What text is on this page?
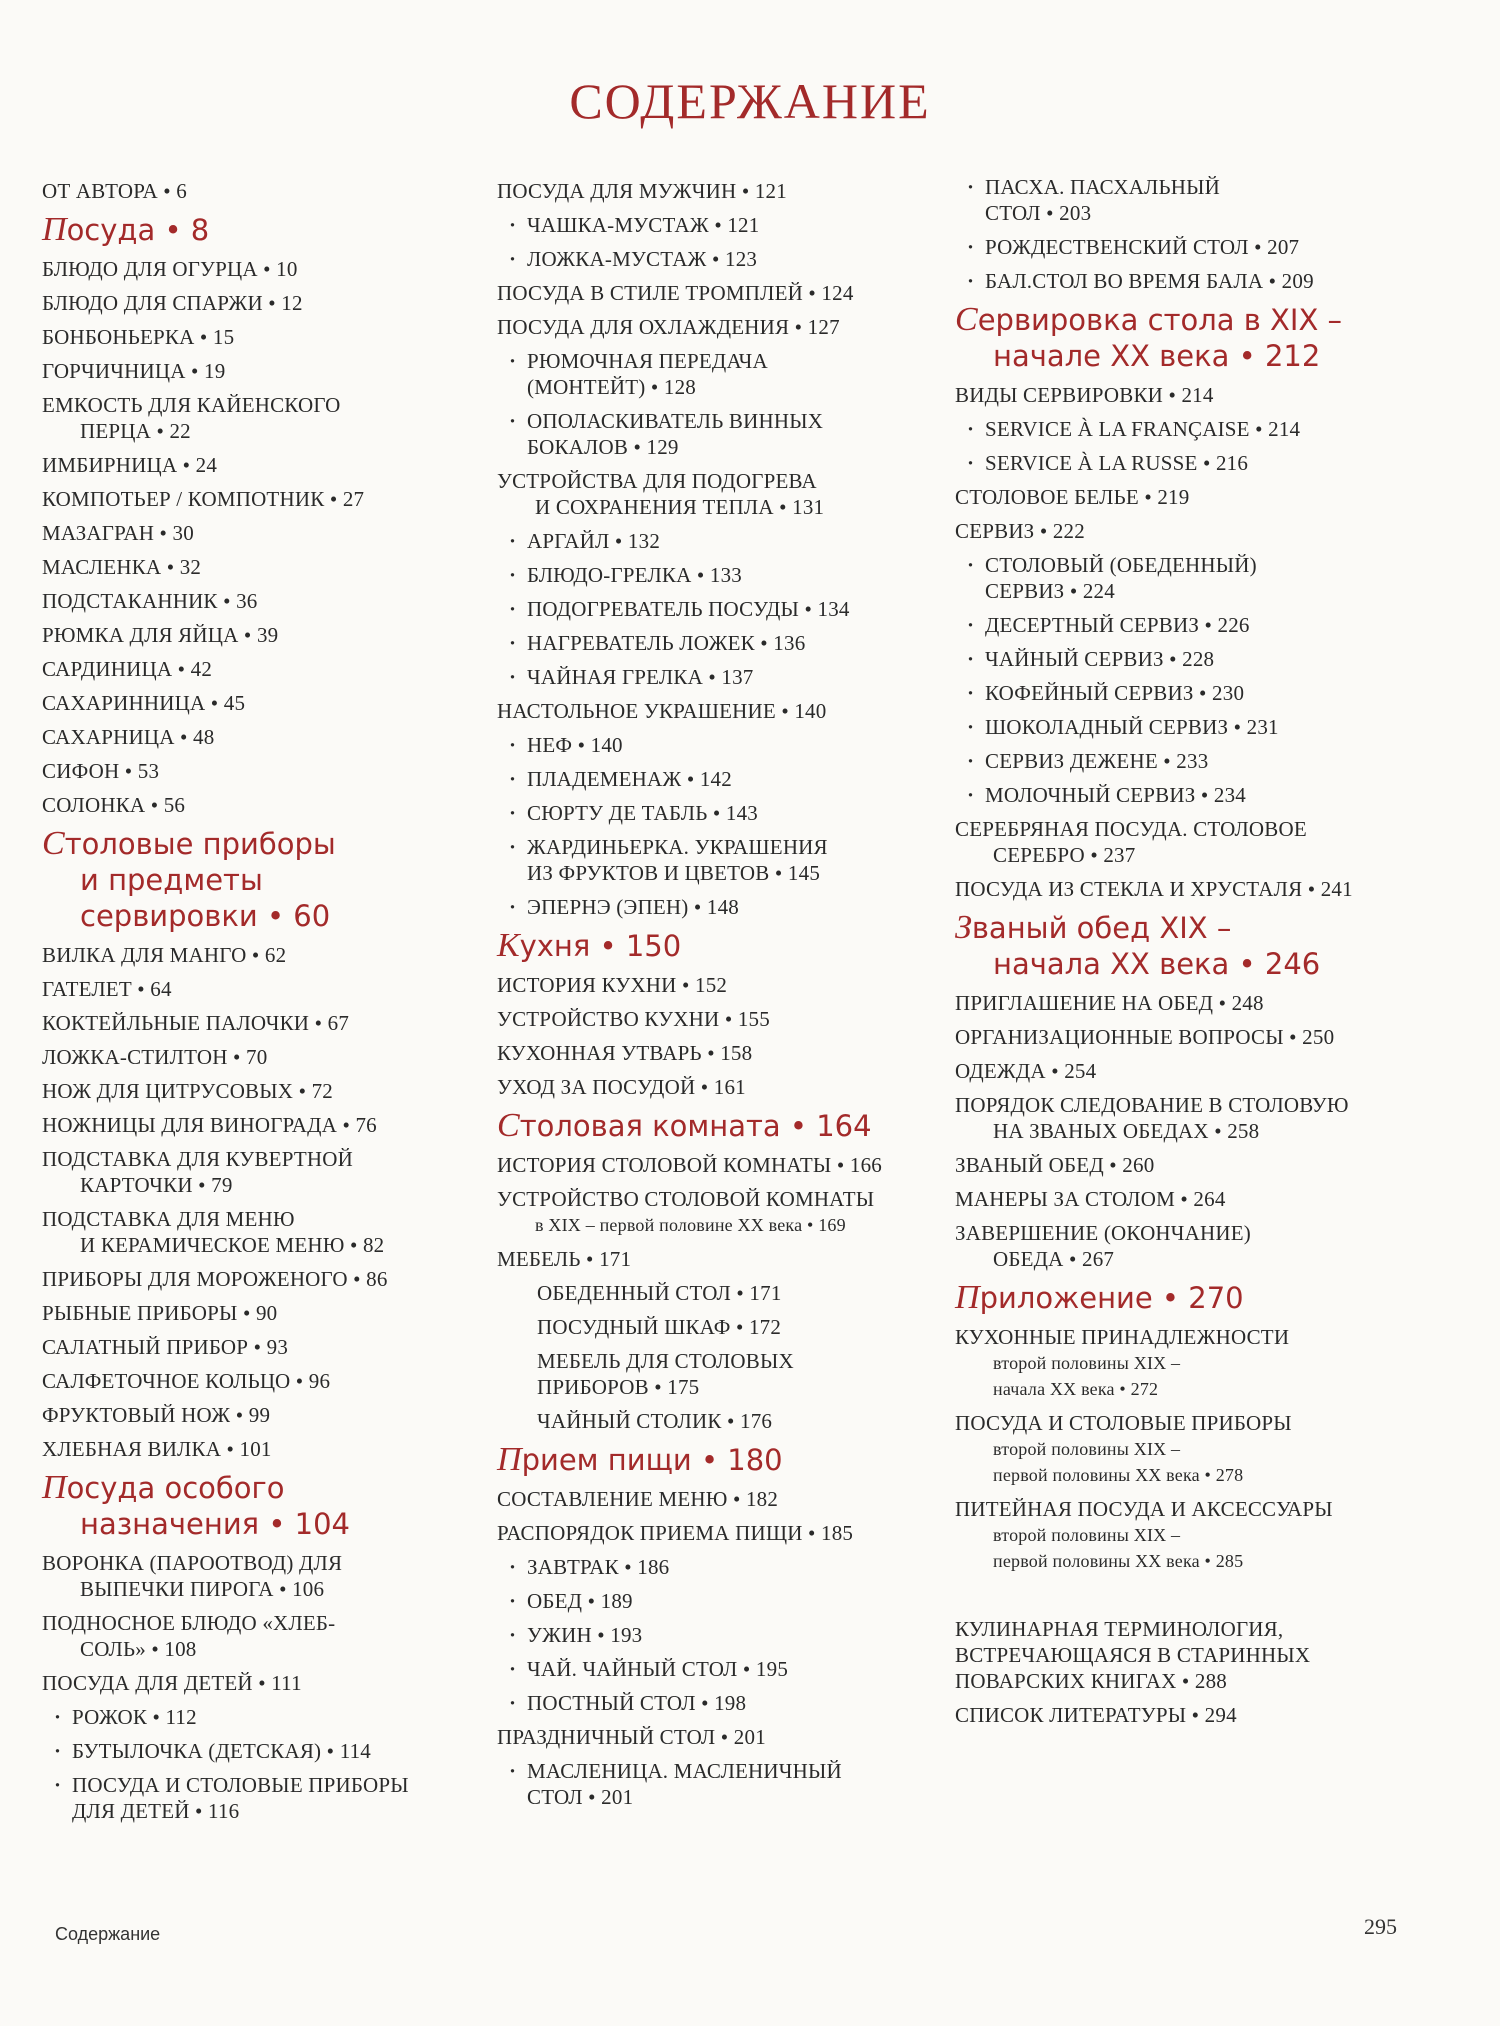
СОДЕРЖАНИЕ
ОТ АВТОРА • 6
Посуда • 8
БЛЮДО ДЛЯ ОГУРЦА • 10
БЛЮДО ДЛЯ СПАРЖИ • 12
БОНБОНЬЕРКА • 15
ГОРЧИЧНИЦА • 19
ЕМКОСТЬ ДЛЯ КАЙЕНСКОГО
ПЕРЦА • 22
ИМБИРНИЦА • 24
КОМПОТЬЕР / КОМПОТНИК • 27
МАЗАГРАН • 30
МАСЛЕНКА • 32
ПОДСТАКАННИК • 36
РЮМКА ДЛЯ ЯЙЦА • 39
САРДИНИЦА • 42
САХАРИННИЦА • 45
САХАРНИЦА • 48
СИФОН • 53
СОЛОНКА • 56
Столовые приборы
и предметы
сервировки • 60
ВИЛКА ДЛЯ МАНГО • 62
ГАТЕЛЕТ • 64
КОКТЕЙЛЬНЫЕ ПАЛОЧКИ • 67
ЛОЖКА-СТИЛТОН • 70
НОЖ ДЛЯ ЦИТРУСОВЫХ • 72
НОЖНИЦЫ ДЛЯ ВИНОГРАДА • 76
ПОДСТАВКА ДЛЯ КУВЕРТНОЙ
КАРТОЧКИ • 79
ПОДСТАВКА ДЛЯ МЕНЮ
И КЕРАМИЧЕСКОЕ МЕНЮ • 82
ПРИБОРЫ ДЛЯ МОРОЖЕНОГО • 86
РЫБНЫЕ ПРИБОРЫ • 90
САЛАТНЫЙ ПРИБОР • 93
САЛФЕТОЧНОЕ КОЛЬЦО • 96
ФРУКТОВЫЙ НОЖ • 99
ХЛЕБНАЯ ВИЛКА • 101
Посуда особого
назначения • 104
ВОРОНКА (ПАРООТВОД) ДЛЯ
ВЫПЕЧКИ ПИРОГА • 106
ПОДНОСНОЕ БЛЮДО «ХЛЕБ-
СОЛЬ» • 108
ПОСУДА ДЛЯ ДЕТЕЙ • 111
· РОЖОК • 112
· БУТЫЛОЧКА (ДЕТСКАЯ) • 114
· ПОСУДА И СТОЛОВЫЕ ПРИБОРЫ
ДЛЯ ДЕТЕЙ • 116
ПОСУДА ДЛЯ МУЖЧИН • 121
· ЧАШКА-МУСТАЖ • 121
· ЛОЖКА-МУСТАЖ • 123
ПОСУДА В СТИЛЕ ТРОМПЛЕЙ • 124
ПОСУДА ДЛЯ ОХЛАЖДЕНИЯ • 127
· РЮМОЧНАЯ ПЕРЕДАЧА
(МОНТЕЙТ) • 128
· ОПОЛАСКИВАТЕЛЬ ВИННЫХ
БОКАЛОВ • 129
УСТРОЙСТВА ДЛЯ ПОДОГРЕВА
И СОХРАНЕНИЯ ТЕПЛА • 131
· АРГАЙЛ • 132
· БЛЮДО-ГРЕЛКА • 133
· ПОДОГРЕВАТЕЛЬ ПОСУДЫ • 134
· НАГРЕВАТЕЛЬ ЛОЖЕК • 136
· ЧАЙНАЯ ГРЕЛКА • 137
НАСТОЛЬНОЕ УКРАШЕНИЕ • 140
· НЕФ • 140
· ПЛАДЕМЕНАЖ • 142
· СЮРТУ ДЕ ТАБЛЬ • 143
· ЖАРДИНЬЕРКА. УКРАШЕНИЯ
ИЗ ФРУКТОВ И ЦВЕТОВ • 145
· ЭПЕРНЭ (ЭПЕН) • 148
Кухня • 150
ИСТОРИЯ КУХНИ • 152
УСТРОЙСТВО КУХНИ • 155
КУХОННАЯ УТВАРЬ • 158
УХОД ЗА ПОСУДОЙ • 161
Столовая комната • 164
ИСТОРИЯ СТОЛОВОЙ КОМНАТЫ • 166
УСТРОЙСТВО СТОЛОВОЙ КОМНАТЫ
в XIX – первой половине XX века • 169
МЕБЕЛЬ • 171
ОБЕДЕННЫЙ СТОЛ • 171
ПОСУДНЫЙ ШКАФ • 172
МЕБЕЛЬ ДЛЯ СТОЛОВЫХ
ПРИБОРОВ • 175
ЧАЙНЫЙ СТОЛИК • 176
Прием пищи • 180
СОСТАВЛЕНИЕ МЕНЮ • 182
РАСПОРЯДОК ПРИЕМА ПИЩИ • 185
· ЗАВТРАК • 186
· ОБЕД • 189
· УЖИН • 193
· ЧАЙ. ЧАЙНЫЙ СТОЛ • 195
· ПОСТНЫЙ СТОЛ • 198
ПРАЗДНИЧНЫЙ СТОЛ • 201
· МАСЛЕНИЦА. МАСЛЕНИЧНЫЙ
СТОЛ • 201
· ПАСХА. ПАСХАЛЬНЫЙ
СТОЛ • 203
· РОЖДЕСТВЕНСКИЙ СТОЛ • 207
· БАЛ.СТОЛ ВО ВРЕМЯ БАЛА • 209
Сервировка стола в XIX –
начале XX века • 212
ВИДЫ СЕРВИРОВКИ • 214
· SERVICE À LA FRANÇAISE • 214
· SERVICE À LA RUSSE • 216
СТОЛОВОЕ БЕЛЬЕ • 219
СЕРВИЗ • 222
· СТОЛОВЫЙ (ОБЕДЕННЫЙ)
СЕРВИЗ • 224
· ДЕСЕРТНЫЙ СЕРВИЗ • 226
· ЧАЙНЫЙ СЕРВИЗ • 228
· КОФЕЙНЫЙ СЕРВИЗ • 230
· ШОКОЛАДНЫЙ СЕРВИЗ • 231
· СЕРВИЗ ДЕЖЕНЕ • 233
· МОЛОЧНЫЙ СЕРВИЗ • 234
СЕРЕБРЯНАЯ ПОСУДА. СТОЛОВОЕ
СЕРЕБРО • 237
ПОСУДА ИЗ СТЕКЛА И ХРУСТАЛЯ • 241
Званый обед XIX –
начала XX века • 246
ПРИГЛАШЕНИЕ НА ОБЕД • 248
ОРГАНИЗАЦИОННЫЕ ВОПРОСЫ • 250
ОДЕЖДА • 254
ПОРЯДОК СЛЕДОВАНИЕ В СТОЛОВУЮ
НА ЗВАНЫХ ОБЕДАХ • 258
ЗВАНЫЙ ОБЕД • 260
МАНЕРЫ ЗА СТОЛОМ • 264
ЗАВЕРШЕНИЕ (ОКОНЧАНИЕ)
ОБЕДА • 267
Приложение • 270
КУХОННЫЕ ПРИНАДЛЕЖНОСТИ
второй половины XIX –
начала XX века • 272
ПОСУДА И СТОЛОВЫЕ ПРИБОРЫ
второй половины XIX –
первой половины XX века • 278
ПИТЕЙНАЯ ПОСУДА И АКСЕССУАРЫ
второй половины XIX –
первой половины XX века • 285
КУЛИНАРНАЯ ТЕРМИНОЛОГИЯ,
ВСТРЕЧАЮЩАЯСЯ В СТАРИННЫХ
ПОВАРСКИХ КНИГАХ • 288
СПИСОК ЛИТЕРАТУРЫ • 294
Содержание	295
